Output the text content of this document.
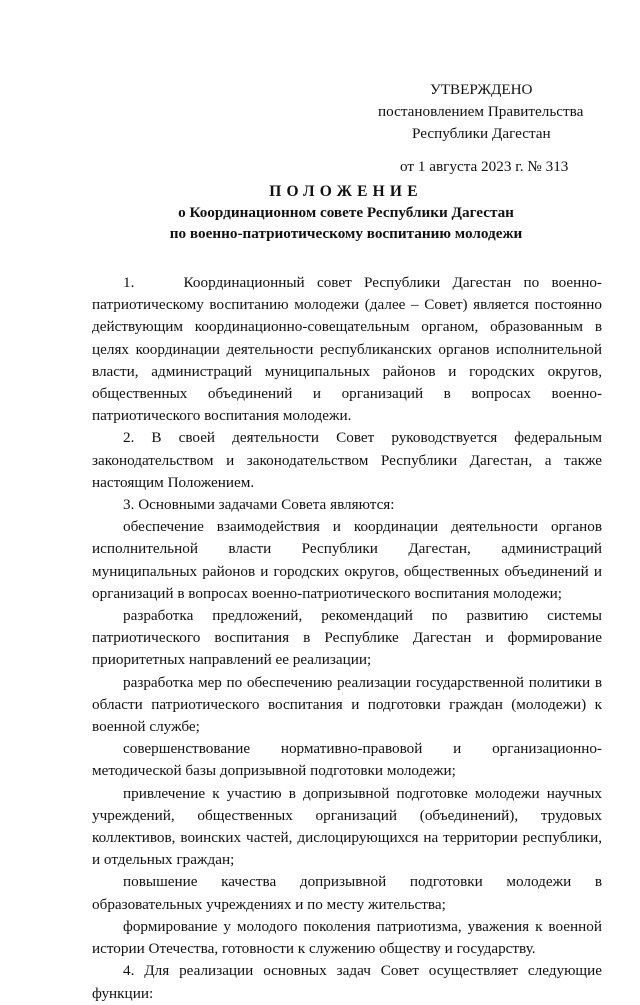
УТВЕРЖДЕНО
постановлением Правительства
Республики Дагестан
от 1 августа 2023 г. № 313
ПОЛОЖЕНИЕ
о Координационном совете Республики Дагестан
по военно-патриотическому воспитанию молодежи

1.    Координационный совет Республики Дагестан по военно-патриотическому воспитанию молодежи (далее – Совет) является постоянно действующим координационно-совещательным органом, образованным в целях координации деятельности республиканских органов исполнительной власти, администраций муниципальных районов и городских округов, общественных объединений и организаций в вопросах военно-патриотического воспитания молодежи.

2. В своей деятельности Совет руководствуется федеральным законодательством и законодательством Республики Дагестан, а также настоящим Положением.

3. Основными задачами Совета являются:

обеспечение взаимодействия и координации деятельности органов исполнительной власти Республики Дагестан, администраций муниципальных районов и городских округов, общественных объединений и организаций в вопросах военно-патриотического воспитания молодежи;

разработка предложений, рекомендаций по развитию системы патриотического воспитания в Республике Дагестан и формирование приоритетных направлений ее реализации;

разработка мер по обеспечению реализации государственной политики в области патриотического воспитания и подготовки граждан (молодежи) к военной службе;

совершенствование нормативно-правовой и организационно-методической базы допризывной подготовки молодежи;

привлечение к участию в допризывной подготовке молодежи научных учреждений, общественных организаций (объединений), трудовых коллективов, воинских частей, дислоцирующихся на территории республики, и отдельных граждан;

повышение качества допризывной подготовки молодежи в образовательных учреждениях и по месту жительства;

формирование у молодого поколения патриотизма, уважения к военной истории Отечества, готовности к служению обществу и государству.

4. Для реализации основных задач Совет осуществляет следующие функции:
